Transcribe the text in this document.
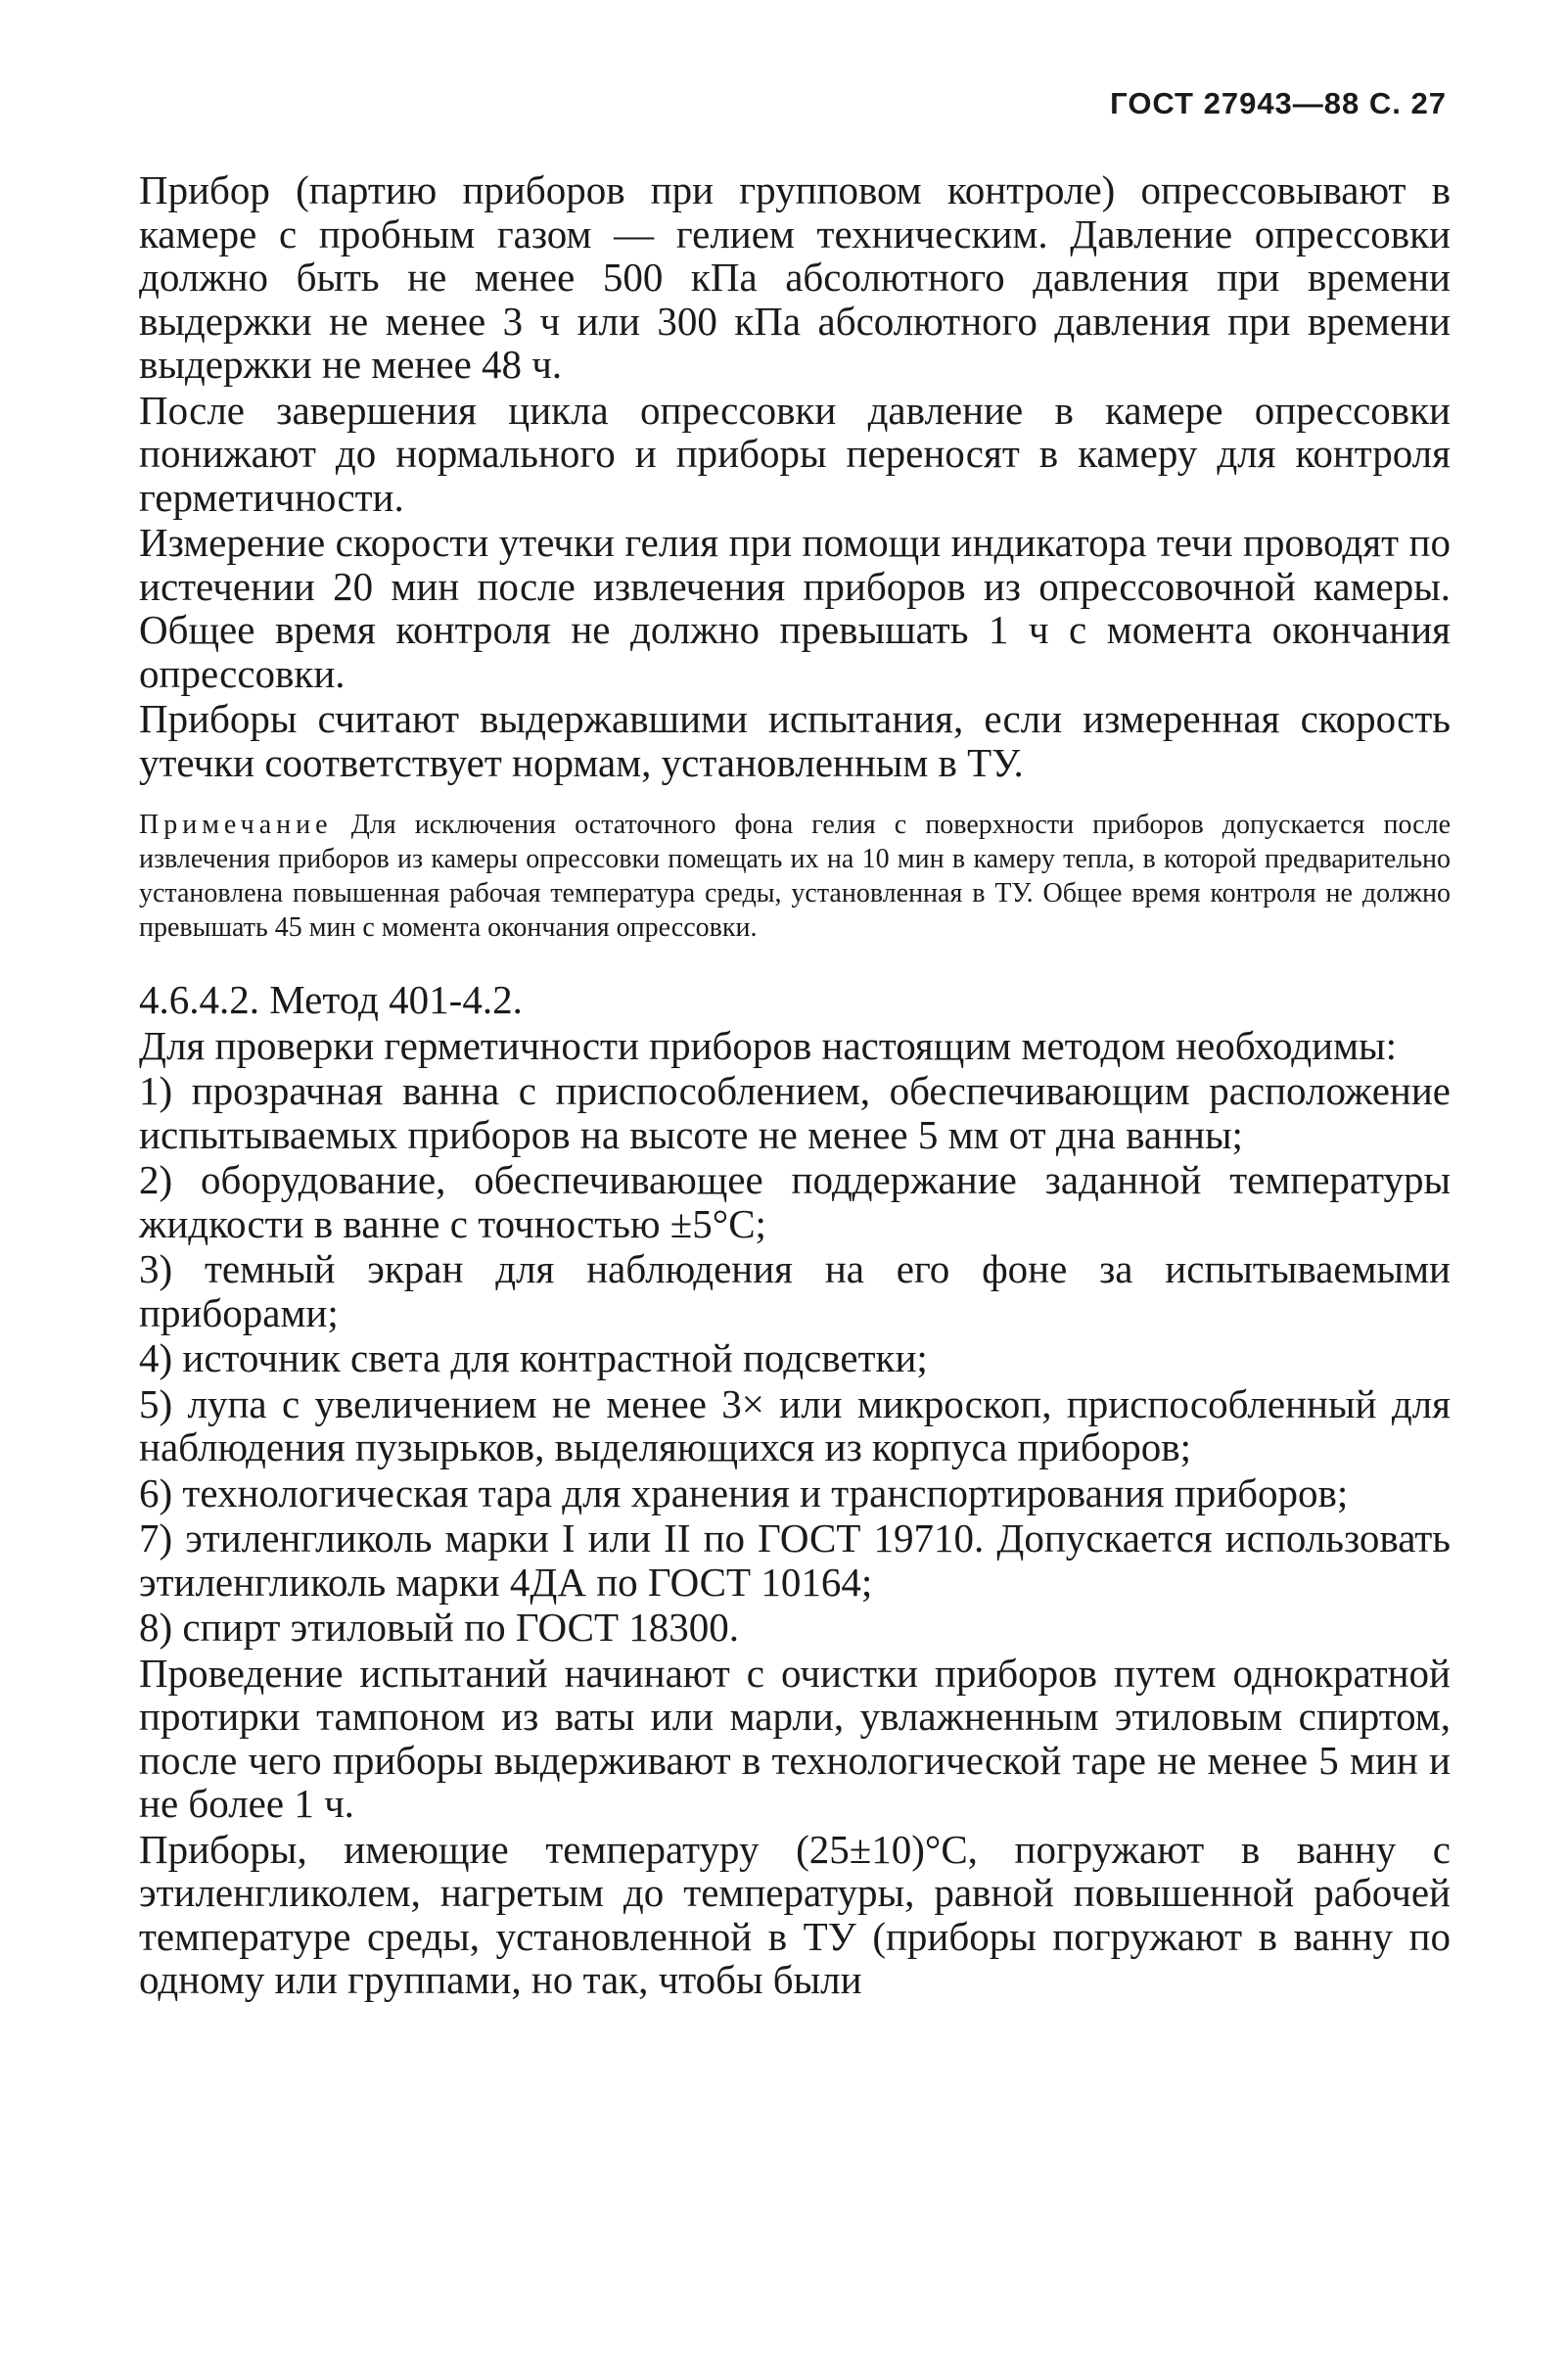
ГОСТ 27943—88 С. 27

Прибор (партию приборов при групповом контроле) опрессовывают в камере с пробным газом — гелием техническим. Давление опрессовки должно быть не менее 500 кПа абсолютного давления при времени выдержки не менее 3 ч или 300 кПа абсолютного давления при времени выдержки не менее 48 ч.

После завершения цикла опрессовки давление в камере опрессовки понижают до нормального и приборы переносят в камеру для контроля герметичности.

Измерение скорости утечки гелия при помощи индикатора течи проводят по истечении 20 мин после извлечения приборов из опрессовочной камеры. Общее время контроля не должно превышать 1 ч с момента окончания опрессовки.

Приборы считают выдержавшими испытания, если измеренная скорость утечки соответствует нормам, установленным в ТУ.

Примечание Для исключения остаточного фона гелия с поверхности приборов допускается после извлечения приборов из камеры опрессовки помещать их на 10 мин в камеру тепла, в которой предварительно установлена повышенная рабочая температура среды, установленная в ТУ. Общее время контроля не должно превышать 45 мин с момента окончания опрессовки.

4.6.4.2. Метод 401-4.2.

Для проверки герметичности приборов настоящим методом необходимы:

1) прозрачная ванна с приспособлением, обеспечивающим расположение испытываемых приборов на высоте не менее 5 мм от дна ванны;

2) оборудование, обеспечивающее поддержание заданной температуры жидкости в ванне с точностью ±5°С;

3) темный экран для наблюдения на его фоне за испытываемыми приборами;

4) источник света для контрастной подсветки;

5) лупа с увеличением не менее 3× или микроскоп, приспособленный для наблюдения пузырьков, выделяющихся из корпуса приборов;

6) технологическая тара для хранения и транспортирования приборов;

7) этиленгликоль марки I или II по ГОСТ 19710. Допускается использовать этиленгликоль марки 4ДА по ГОСТ 10164;

8) спирт этиловый по ГОСТ 18300.

Проведение испытаний начинают с очистки приборов путем однократной протирки тампоном из ваты или марли, увлажненным этиловым спиртом, после чего приборы выдерживают в технологической таре не менее 5 мин и не более 1 ч.

Приборы, имеющие температуру (25±10)°С, погружают в ванну с этиленгликолем, нагретым до температуры, равной повышенной рабочей температуре среды, установленной в ТУ (приборы погружают в ванну по одному или группами, но так, чтобы были
